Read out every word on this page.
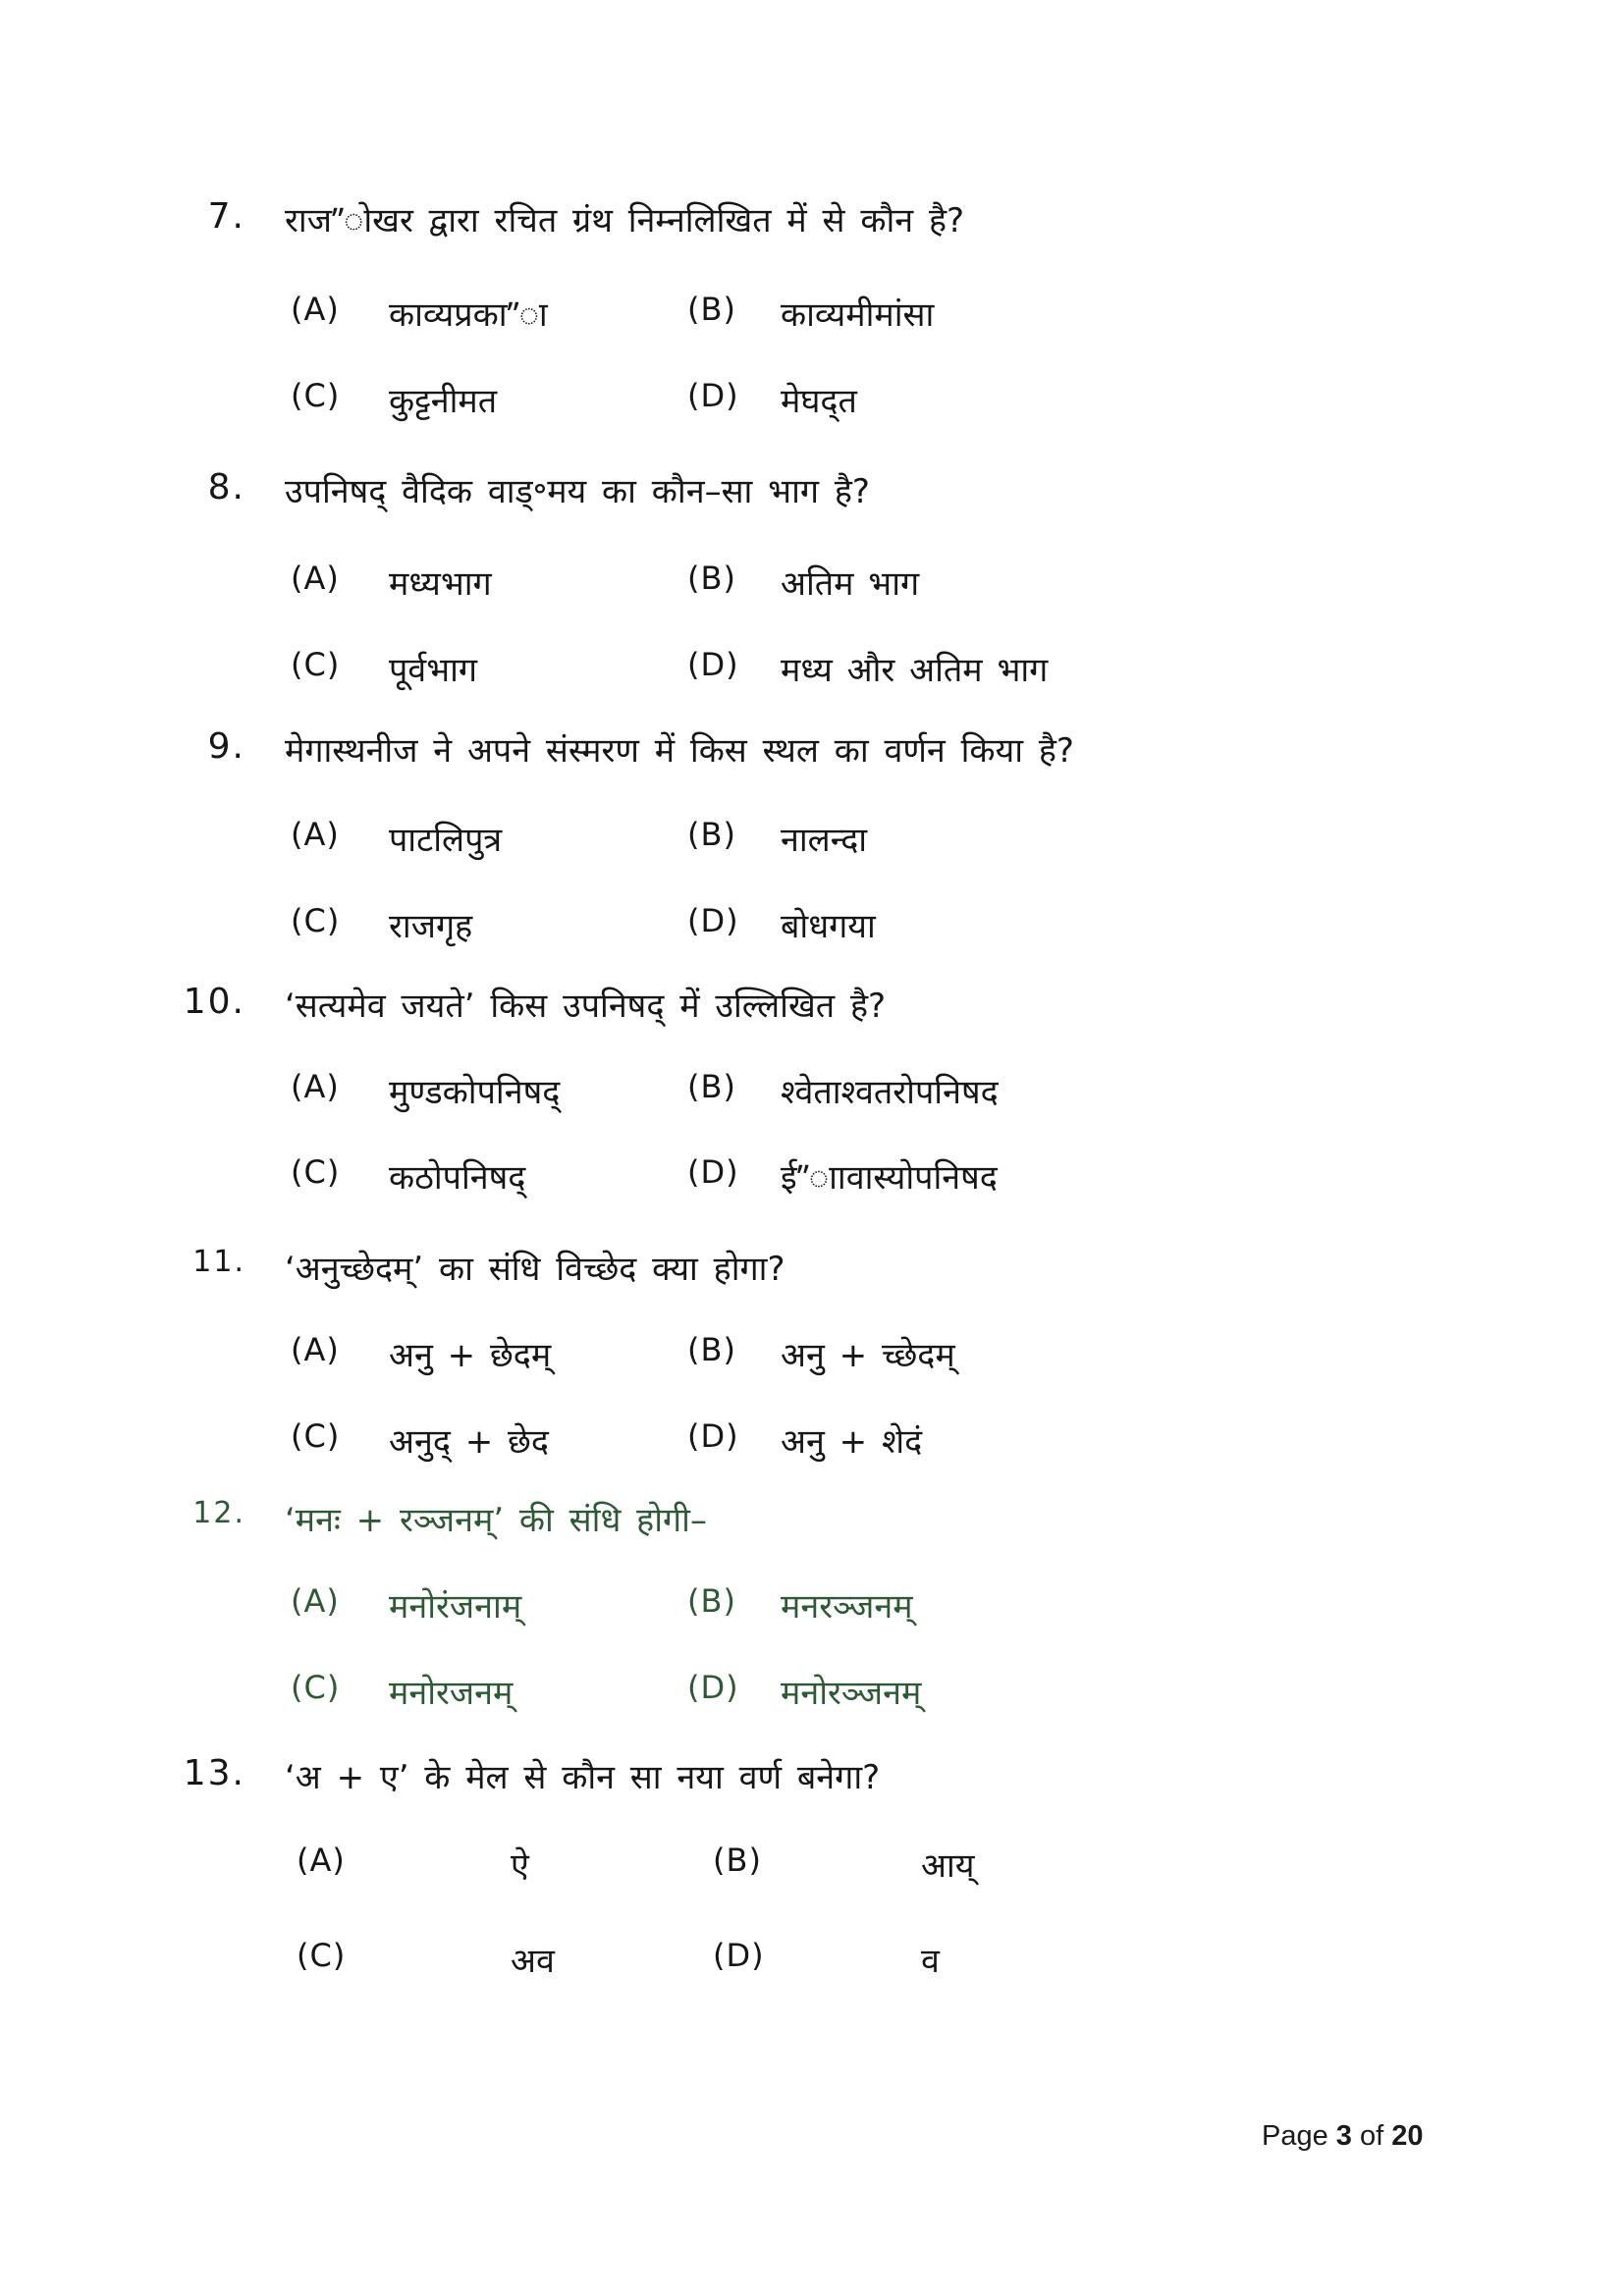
7. राज”ोखर द्वारा रचित ग्रंथ निम्नलिखित में से कौन है?
(A) काव्यप्रका”ा	(B) काव्यमीमांसा
(C) कुट्टनीमत	(D) मेघद्त
8. उपनिषद् वैदिक वाड्॰मय का कौन–सा भाग है?
(A) मध्यभाग	(B) अतिम भाग
(C) पूर्वभाग	(D) मध्य और अतिम भाग
9. मेगास्थनीज ने अपने संस्मरण में किस स्थल का वर्णन किया है?
(A) पाटलिपुत्र	(B) नालन्दा
(C) राजगृह	(D) बोधगया
10. ‘सत्यमेव जयते’ किस उपनिषद् में उल्लिखित है?
(A) मुण्डकोपनिषद्	(B) श्वेताश्वतरोपनिषद
(C) कठोपनिषद्	(D) ई”ाावास्योपनिषद
11. ‘अनुच्छेदम्’ का संधि विच्छेद क्या होगा?
(A) अनु + छेदम्	(B) अनु + च्छेदम्
(C) अनुद् + छेद	(D) अनु + शेदं
12. ‘मनः + रञ्जनम्’ की संधि होगी–
(A) मनोरंजनाम्	(B) मनरञ्जनम्
(C) मनोरजनम्	(D) मनोरञ्जनम्
13. ‘अ + ए’ के मेल से कौन सा नया वर्ण बनेगा?
(A)	ऐ	(B)	आय्
(C)	अव	(D)	व
Page 3 of 20
